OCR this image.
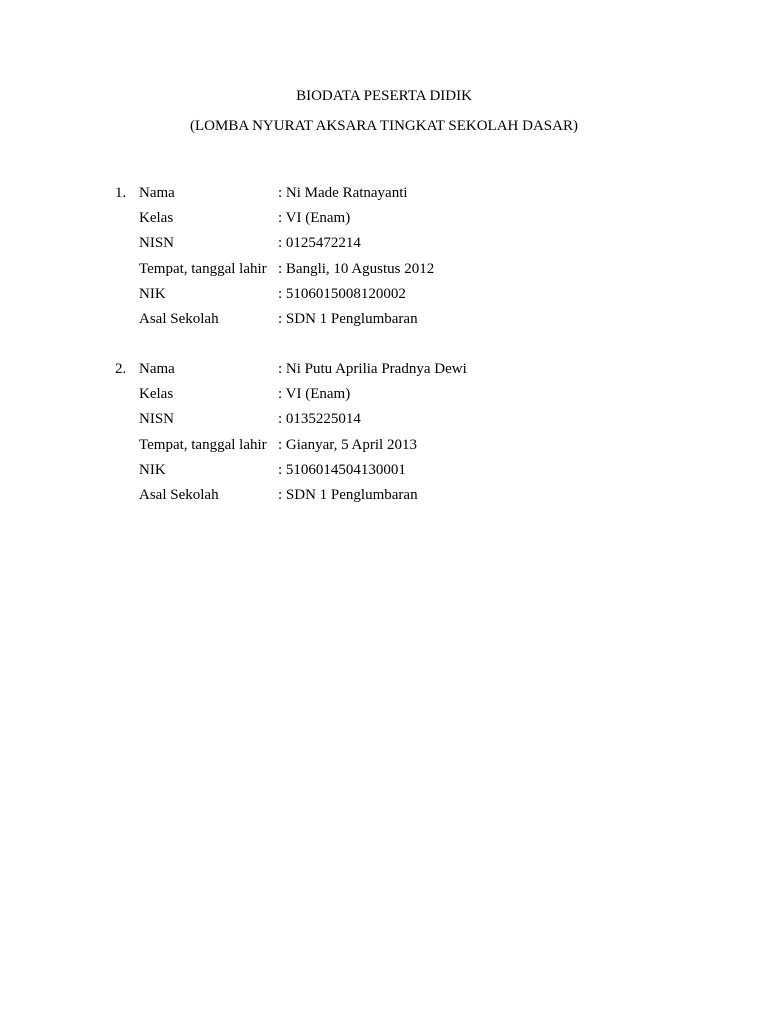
BIODATA PESERTA DIDIK
(LOMBA NYURAT AKSARA TINGKAT SEKOLAH DASAR)
1. Nama	: Ni Made Ratnayanti
Kelas	: VI (Enam)
NISN	: 0125472214
Tempat, tanggal lahir : Bangli, 10 Agustus 2012
NIK	: 5106015008120002
Asal Sekolah	: SDN 1 Penglumbaran
2. Nama	: Ni Putu Aprilia Pradnya Dewi
Kelas	: VI (Enam)
NISN	: 0135225014
Tempat, tanggal lahir : Gianyar, 5 April 2013
NIK	: 5106014504130001
Asal Sekolah	: SDN 1 Penglumbaran
